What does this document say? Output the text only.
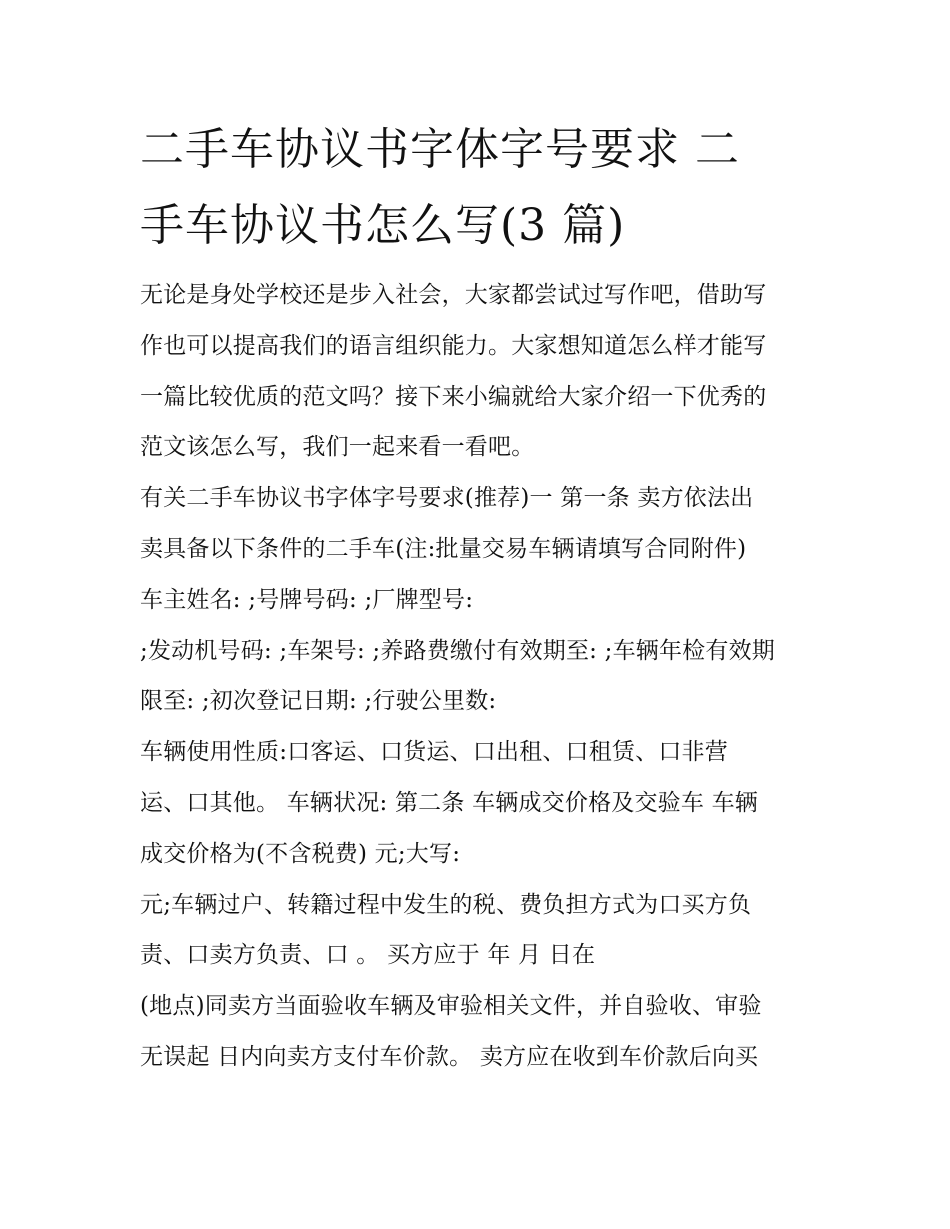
二手车协议书字体字号要求 二
手车协议书怎么写(3 篇)
无论是身处学校还是步入社会，大家都尝试过写作吧，借助写
作也可以提高我们的语言组织能力。大家想知道怎么样才能写
一篇比较优质的范文吗？接下来小编就给大家介绍一下优秀的
范文该怎么写，我们一起来看一看吧。
有关二手车协议书字体字号要求(推荐)一 第一条 卖方依法出
卖具备以下条件的二手车(注:批量交易车辆请填写合同附件)
车主姓名: ;号牌号码: ;厂牌型号:
;发动机号码: ;车架号: ;养路费缴付有效期至: ;车辆年检有效期
限至: ;初次登记日期: ;行驶公里数:
车辆使用性质:口客运、口货运、口出租、口租赁、口非营
运、口其他。 车辆状况: 第二条 车辆成交价格及交验车 车辆
成交价格为(不含税费) 元;大写:
元;车辆过户、转籍过程中发生的税、费负担方式为口买方负
责、口卖方负责、口 。 买方应于 年 月 日在
(地点)同卖方当面验收车辆及审验相关文件，并自验收、审验
无误起 日内向卖方支付车价款。 卖方应在收到车价款后向买
